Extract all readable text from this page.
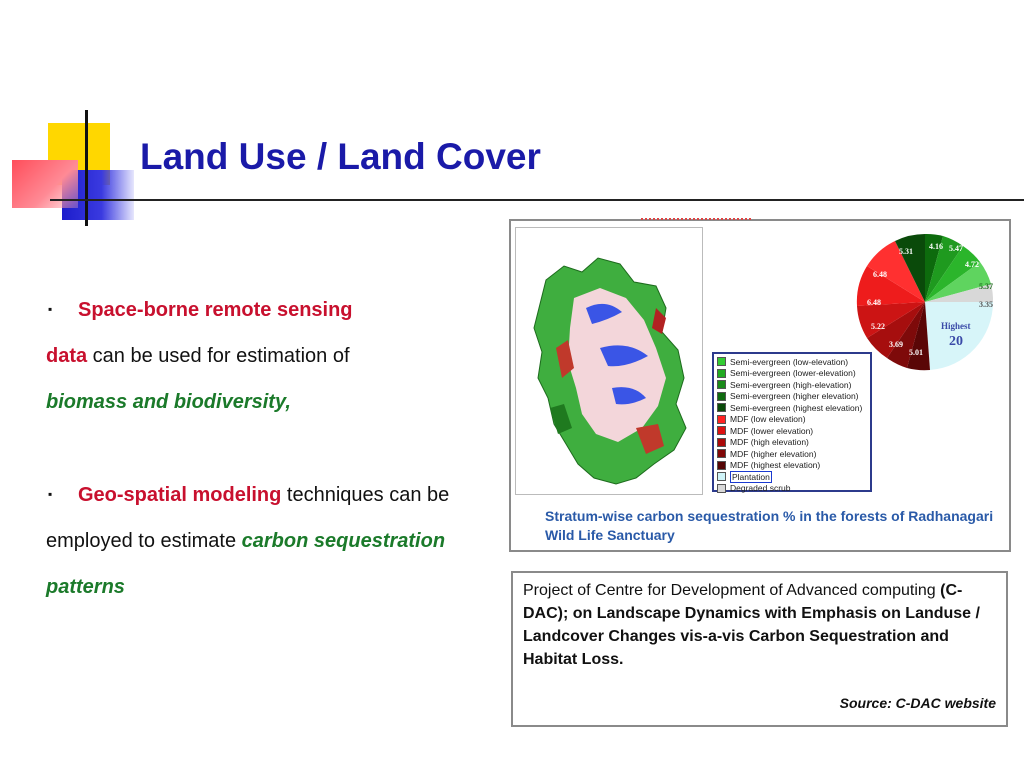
Land Use / Land Cover

▪ Space-borne remote sensing
data can be used for estimation of
biomass and biodiversity,

▪ Geo-spatial modeling techniques can be employed to estimate carbon sequestration patterns

4.16 5.47
4.72
5.37
3.35
Highest
20
5.01
3.69
5.22
6.48
6.48
5.31
Semi-evergreen (low-elevation)
Semi-evergreen (lower-elevation)
Semi-evergreen (high-elevation)
Semi-evergreen (higher elevation)
Semi-evergreen (highest elevation)
MDF (low elevation)
MDF (lower elevation)
MDF (high elevation)
MDF (higher elevation)
MDF (highest elevation)
Plantation
Degraded scrub
Stratum-wise carbon sequestration % in the forests of Radhanagari Wild Life Sanctuary
Project of Centre for Development of Advanced computing (C-DAC); on Landscape Dynamics with Emphasis on Landuse / Landcover Changes vis-a-vis Carbon Sequestration and Habitat Loss.
Source: C-DAC website
